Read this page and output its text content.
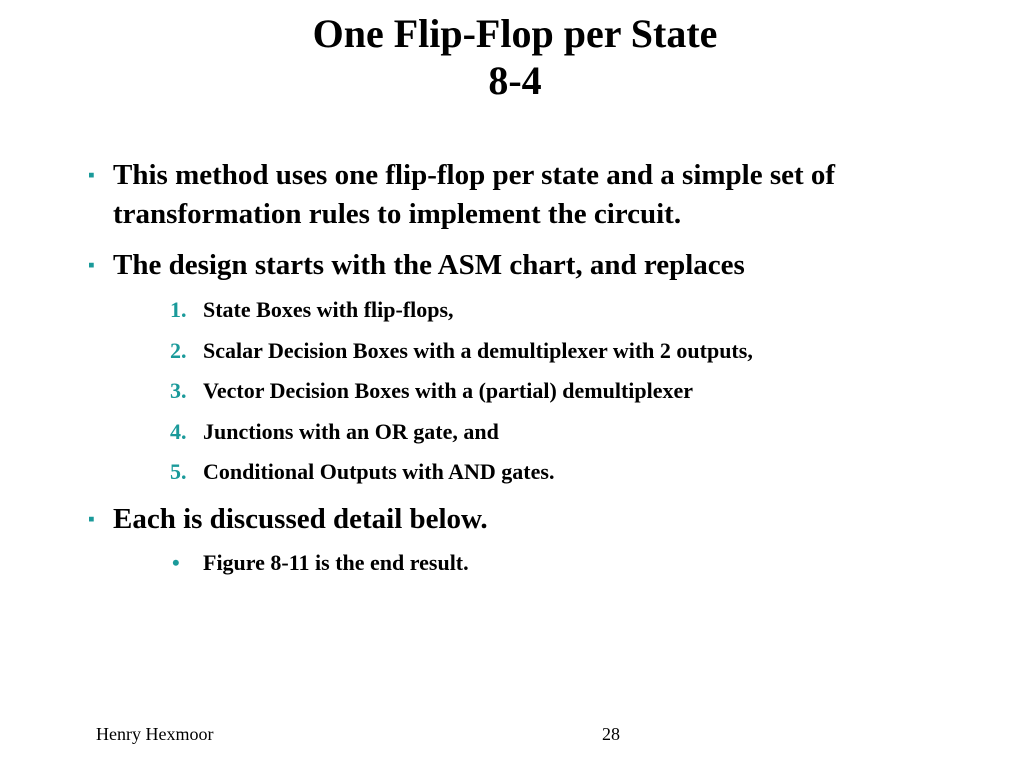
One Flip-Flop per State
8-4
▪ This method uses one flip-flop per state and a simple set of transformation rules to implement the circuit.
▪ The design starts with the ASM chart, and replaces
1. State Boxes with flip-flops,
2. Scalar Decision Boxes with a demultiplexer with 2 outputs,
3. Vector Decision Boxes with a (partial) demultiplexer
4. Junctions with an OR gate, and
5. Conditional Outputs with AND gates.
▪ Each is discussed detail below.
• Figure 8-11 is the end result.
Henry Hexmoor	28
